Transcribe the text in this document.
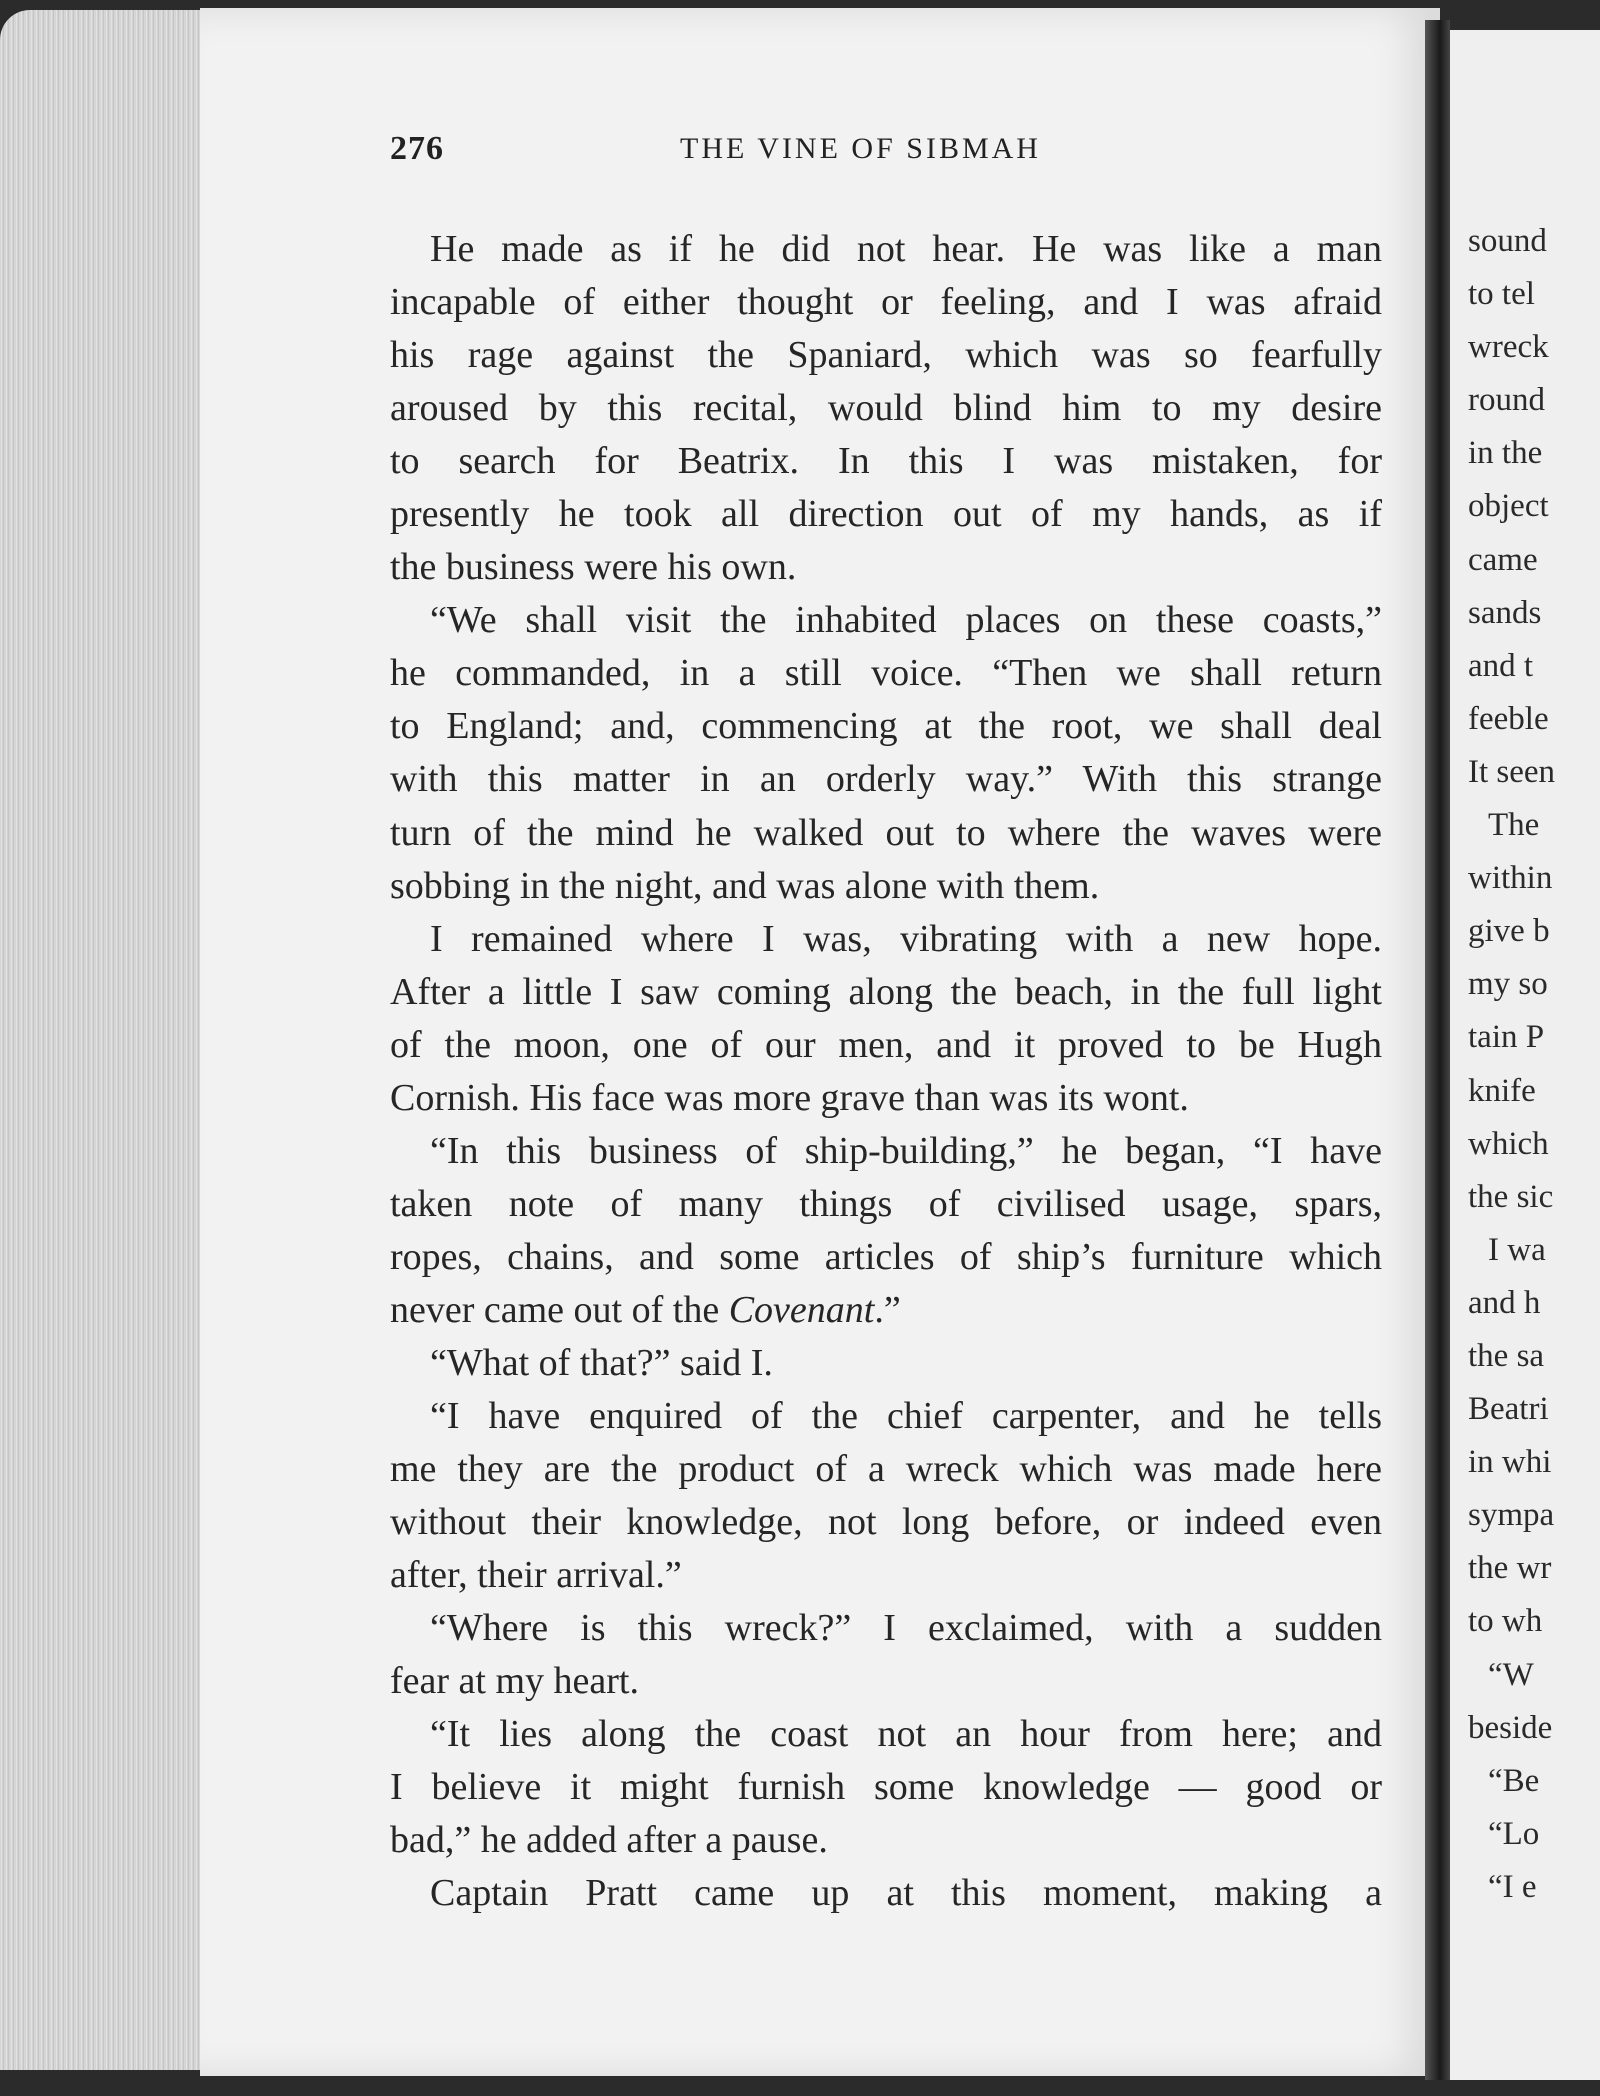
276	THE VINE OF SIBMAH
He made as if he did not hear. He was like a man
incapable of either thought or feeling, and I was afraid
his rage against the Spaniard, which was so fearfully
aroused by this recital, would blind him to my desire
to search for Beatrix. In this I was mistaken, for
presently he took all direction out of my hands, as if
the business were his own.
“We shall visit the inhabited places on these coasts,”
he commanded, in a still voice. “Then we shall return
to England; and, commencing at the root, we shall deal
with this matter in an orderly way.” With this strange
turn of the mind he walked out to where the waves were
sobbing in the night, and was alone with them.
I remained where I was, vibrating with a new hope.
After a little I saw coming along the beach, in the full light
of the moon, one of our men, and it proved to be Hugh
Cornish. His face was more grave than was its wont.
“In this business of ship-building,” he began, “I have
taken note of many things of civilised usage, spars,
ropes, chains, and some articles of ship’s furniture which
never came out of the Covenant.”
“What of that?” said I.
“I have enquired of the chief carpenter, and he tells
me they are the product of a wreck which was made here
without their knowledge, not long before, or indeed even
after, their arrival.”
“Where is this wreck?” I exclaimed, with a sudden
fear at my heart.
“It lies along the coast not an hour from here; and
I believe it might furnish some knowledge — good or
bad,” he added after a pause.
Captain Pratt came up at this moment, making a
sound
to tel
wreck
round
in the
object
came
sands
and t
feeble
It seen
The
within
give b
my so
tain P
knife
which
the sic
I wa
and h
the sa
Beatri
in whi
sympa
the wr
to wh
“W
beside
“Be
“Lo
“I e
